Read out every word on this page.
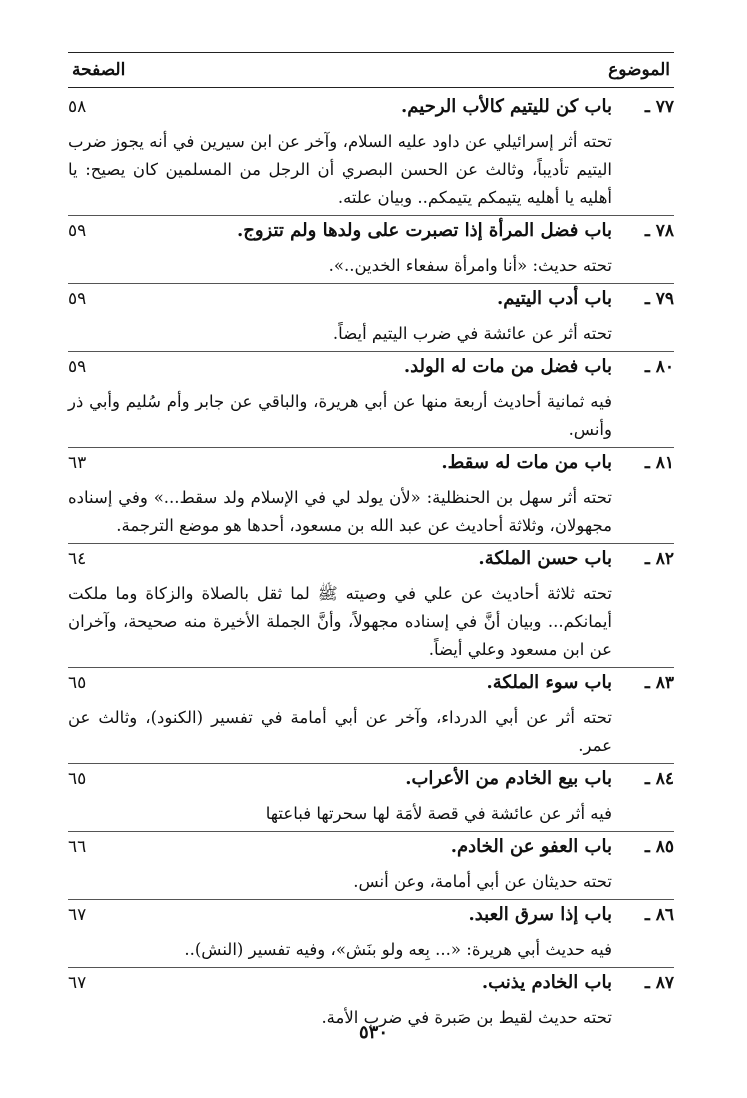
الموضوع
الصفحة
٧٧ ـ
باب كن لليتيم كالأب الرحيم.
٥٨
تحته أثر إسرائيلي عن داود عليه السلام، وآخر عن ابن سيرين في أنه يجوز ضرب اليتيم تأديباً، وثالث عن الحسن البصري أن الرجل من المسلمين كان يصيح: يا أهليه يا أهليه يتيمكم يتيمكم.. وبيان علته.
٧٨ ـ
باب فضل المرأة إذا تصبرت على ولدها ولم تتزوج.
٥٩
تحته حديث: «أنا وامرأة سفعاء الخدين..».
٧٩ ـ
باب أدب اليتيم.
٥٩
تحته أثر عن عائشة في ضرب اليتيم أيضاً.
٨٠ ـ
باب فضل من مات له الولد.
٥٩
فيه ثمانية أحاديث أربعة منها عن أبي هريرة، والباقي عن جابر وأم سُليم وأبي ذر وأنس.
٨١ ـ
باب من مات له سقط.
٦٣
تحته أثر سهل بن الحنظلية: «لأن يولد لي في الإسلام ولد سقط...» وفي إسناده مجهولان، وثلاثة أحاديث عن عبد الله بن مسعود، أحدها هو موضع الترجمة.
٨٢ ـ
باب حسن الملكة.
٦٤
تحته ثلاثة أحاديث عن علي في وصيته ﷺ لما ثقل بالصلاة والزكاة وما ملكت أيمانكم... وبيان أنَّ في إسناده مجهولاً، وأنَّ الجملة الأخيرة منه صحيحة، وآخران عن ابن مسعود وعلي أيضاً.
٨٣ ـ
باب سوء الملكة.
٦٥
تحته أثر عن أبي الدرداء، وآخر عن أبي أمامة في تفسير (الكنود)، وثالث عن عمر.
٨٤ ـ
باب بيع الخادم من الأعراب.
٦٥
فيه أثر عن عائشة في قصة لأمَة لها سحرتها فباعتها
٨٥ ـ
باب العفو عن الخادم.
٦٦
تحته حديثان عن أبي أمامة، وعن أنس.
٨٦ ـ
باب إذا سرق العبد.
٦٧
فيه حديث أبي هريرة: «... بِعه ولو بنَش»، وفيه تفسير (النش)..
٨٧ ـ
باب الخادم يذنب.
٦٧
تحته حديث لقيط بن صَبرة في ضرب الأمة.
٥٣٠
